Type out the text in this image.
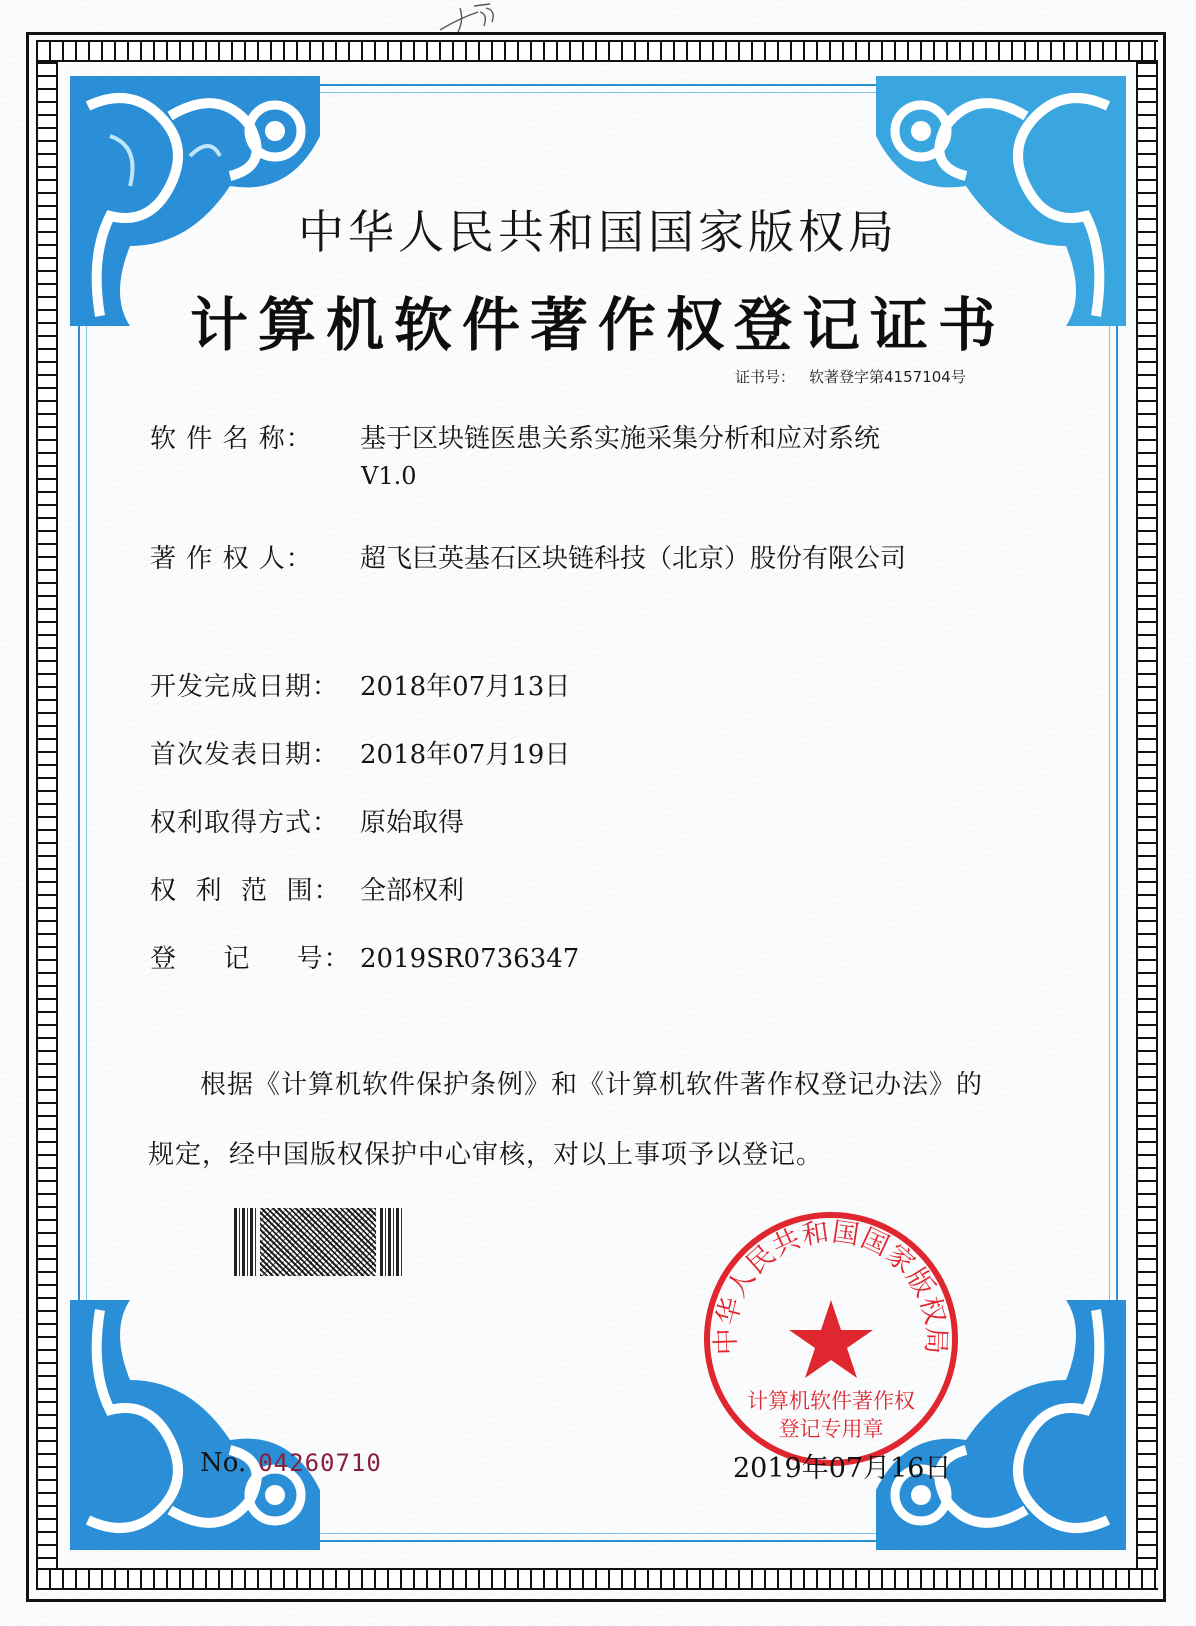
中华人民共和国国家版权局
计算机软件著作权登记证书
证书号： 软著登字第4157104号
软 件 名 称：	基于区块链医患关系实施采集分析和应对系统
V1.0
著 作 权 人：	超飞巨英基石区块链科技（北京）股份有限公司
开发完成日期： 2018年07月13日
首次发表日期： 2018年07月19日
权利取得方式： 原始取得
权  利  范  围： 全部权利
登     记     号： 2019SR0736347
根据《计算机软件保护条例》和《计算机软件著作权登记办法》的
规定，经中国版权保护中心审核，对以上事项予以登记。
No. 04260710
中华人民共和国国家版权局
计算机软件著作权
登记专用章
2019年07月16日
